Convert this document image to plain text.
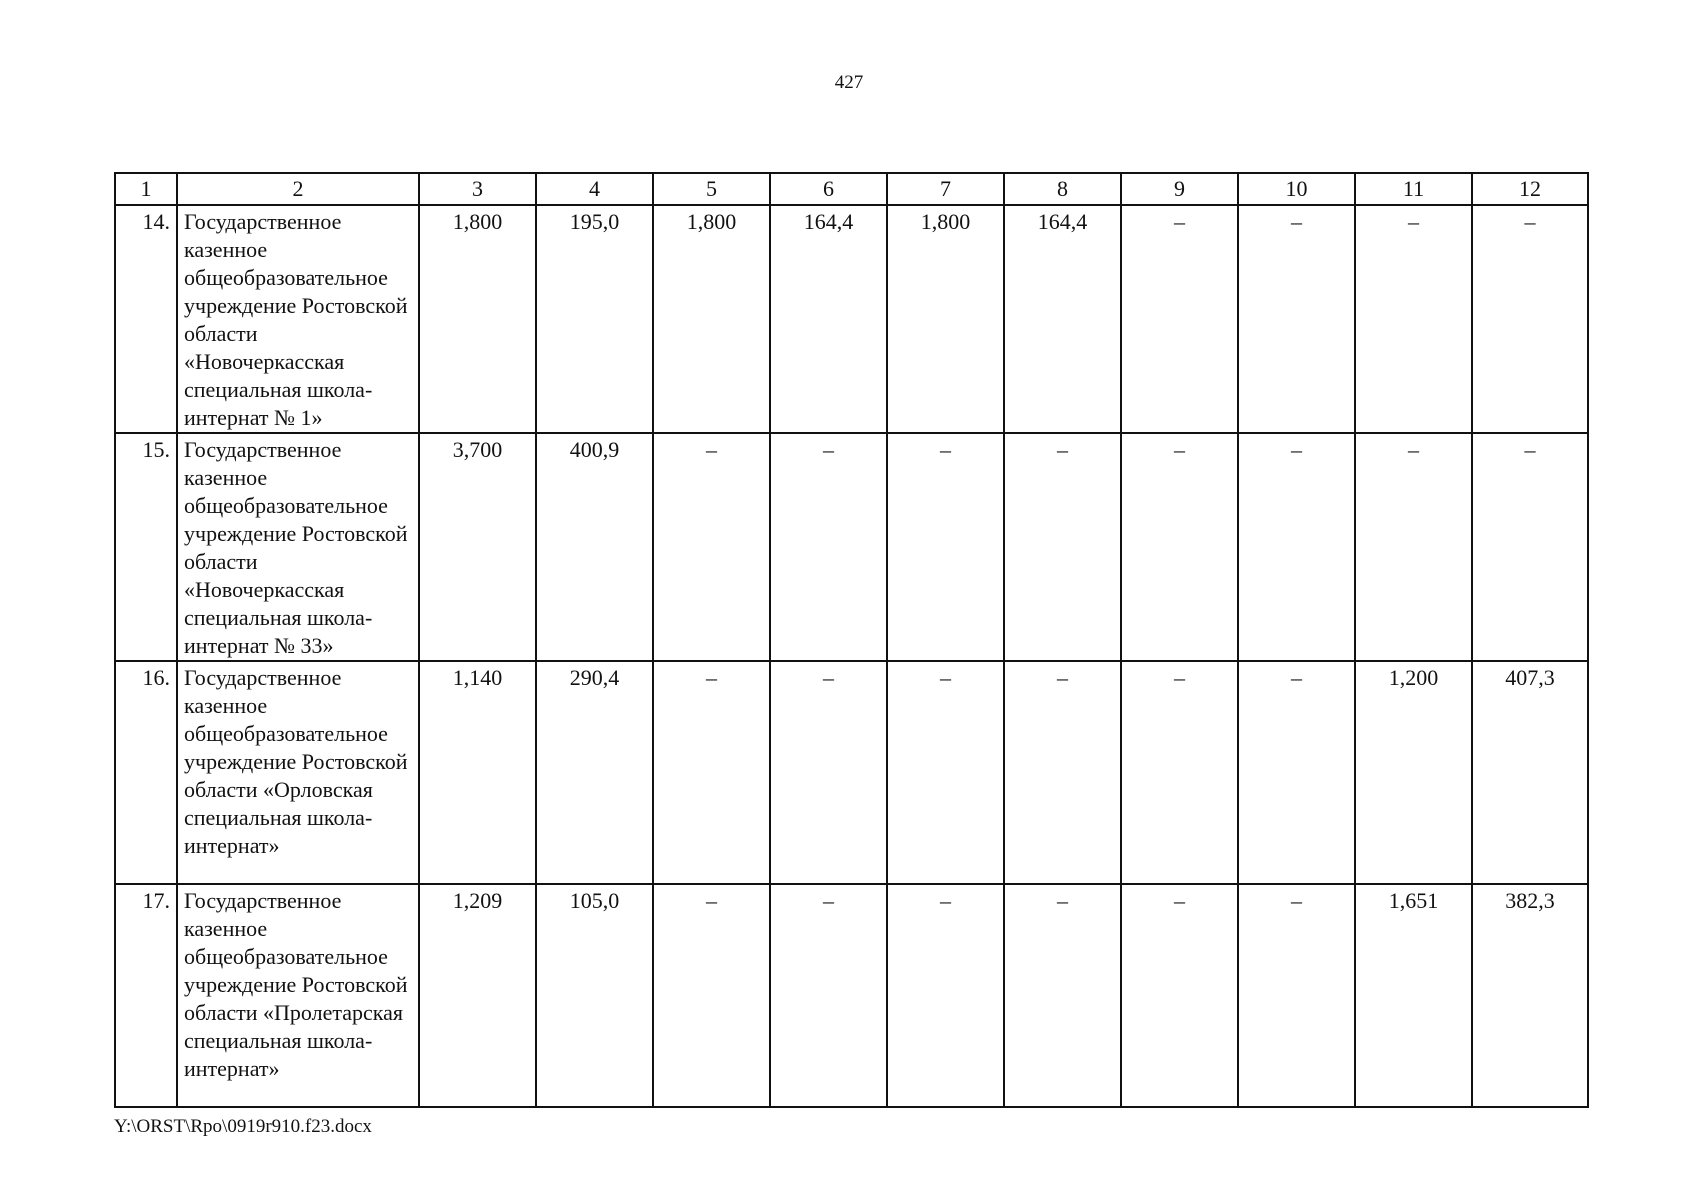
427
1	2	3	4	5	6	7	8	9	10	11	12
14.	Государственное казенное общеобразовательное учреждение Ростовской области «Новочеркасская специальная школа-интернат № 1»	1,800	195,0	1,800	164,4	1,800	164,4	–	–	–	–
15.	Государственное казенное общеобразовательное учреждение Ростовской области «Новочеркасская специальная школа-интернат № 33»	3,700	400,9	–	–	–	–	–	–	–	–
16.	Государственное казенное общеобразовательное учреждение Ростовской области «Орловская специальная школа-интернат»	1,140	290,4	–	–	–	–	–	–	1,200	407,3
17.	Государственное казенное общеобразовательное учреждение Ростовской области «Пролетарская специальная школа-интернат»	1,209	105,0	–	–	–	–	–	–	1,651	382,3
Y:\ORST\Rpo\0919r910.f23.docx
